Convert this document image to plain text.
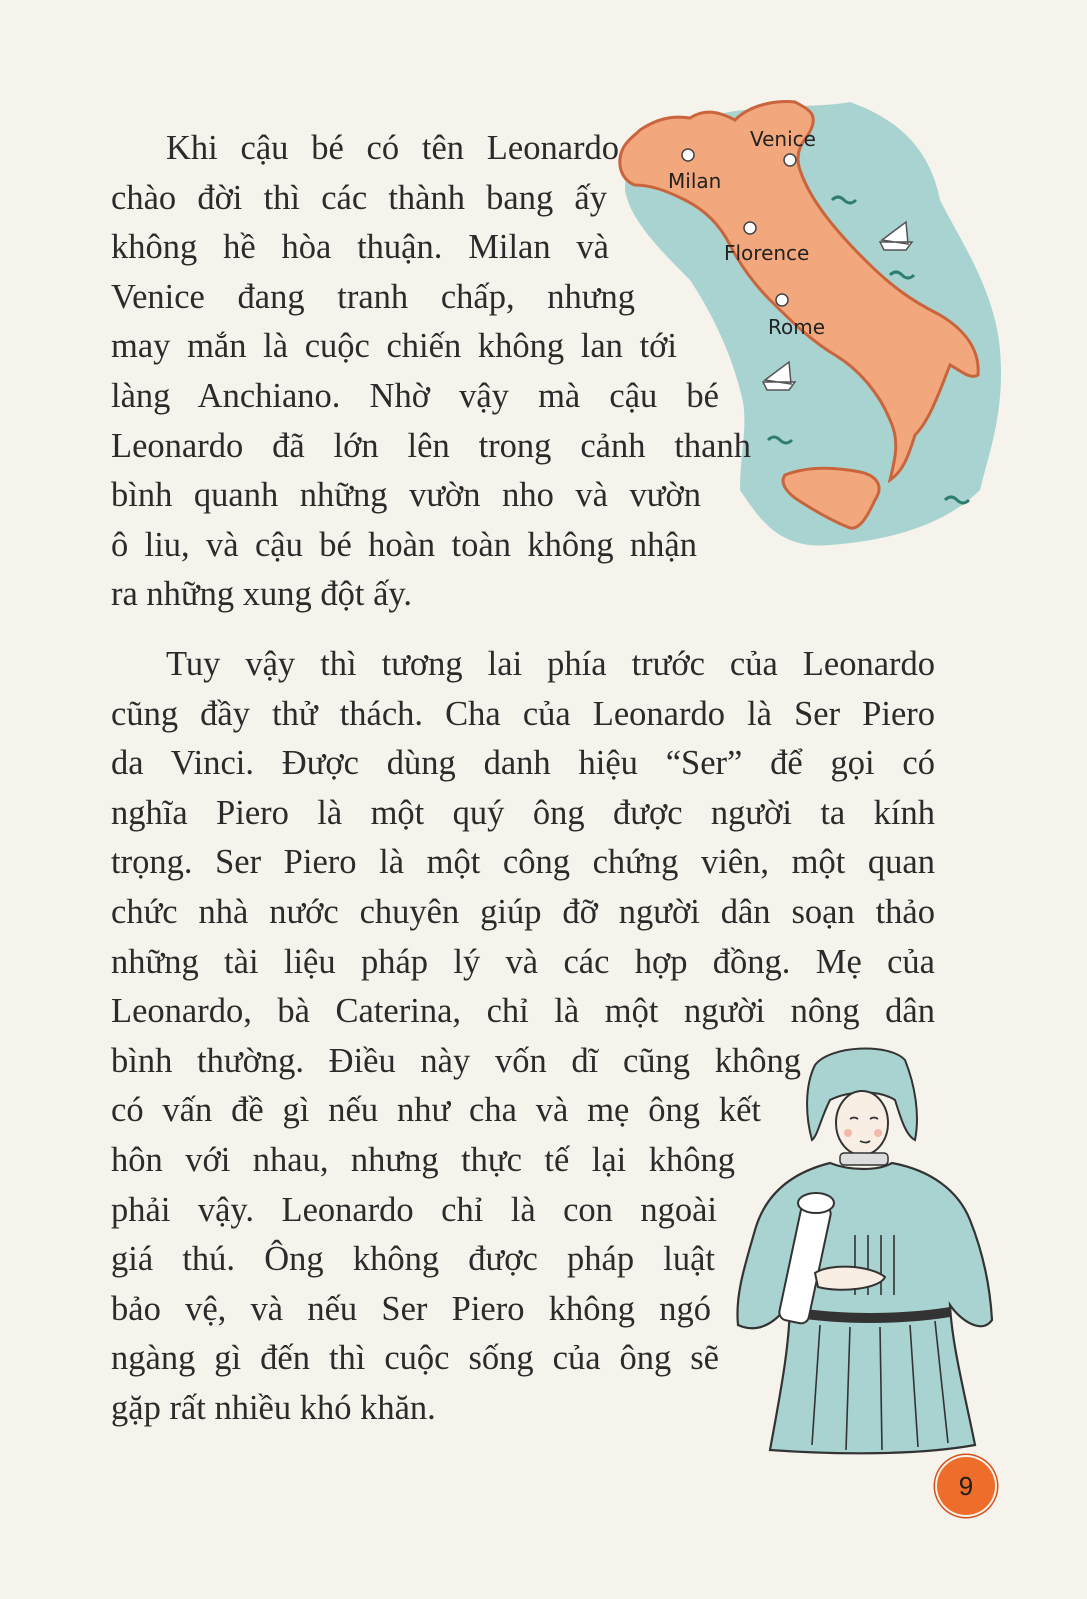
Venice
Milan
Florence
Rome
Khi cậu bé có tên Leonardo
chào đời thì các thành bang ấy
không hề hòa thuận. Milan và
Venice đang tranh chấp, nhưng
may mắn là cuộc chiến không lan tới
làng Anchiano. Nhờ vậy mà cậu bé
Leonardo đã lớn lên trong cảnh thanh
bình quanh những vườn nho và vườn
ô liu, và cậu bé hoàn toàn không nhận
ra những xung đột ấy.
Tuy vậy thì tương lai phía trước của Leonardo
cũng đầy thử thách. Cha của Leonardo là Ser Piero
da Vinci. Được dùng danh hiệu “Ser” để gọi có
nghĩa Piero là một quý ông được người ta kính
trọng. Ser Piero là một công chứng viên, một quan
chức nhà nước chuyên giúp đỡ người dân soạn thảo
những tài liệu pháp lý và các hợp đồng. Mẹ của
Leonardo, bà Caterina, chỉ là một người nông dân
bình thường. Điều này vốn dĩ cũng không
có vấn đề gì nếu như cha và mẹ ông kết
hôn với nhau, nhưng thực tế lại không
phải vậy. Leonardo chỉ là con ngoài
giá thú. Ông không được pháp luật
bảo vệ, và nếu Ser Piero không ngó
ngàng gì đến thì cuộc sống của ông sẽ
gặp rất nhiều khó khăn.
9
